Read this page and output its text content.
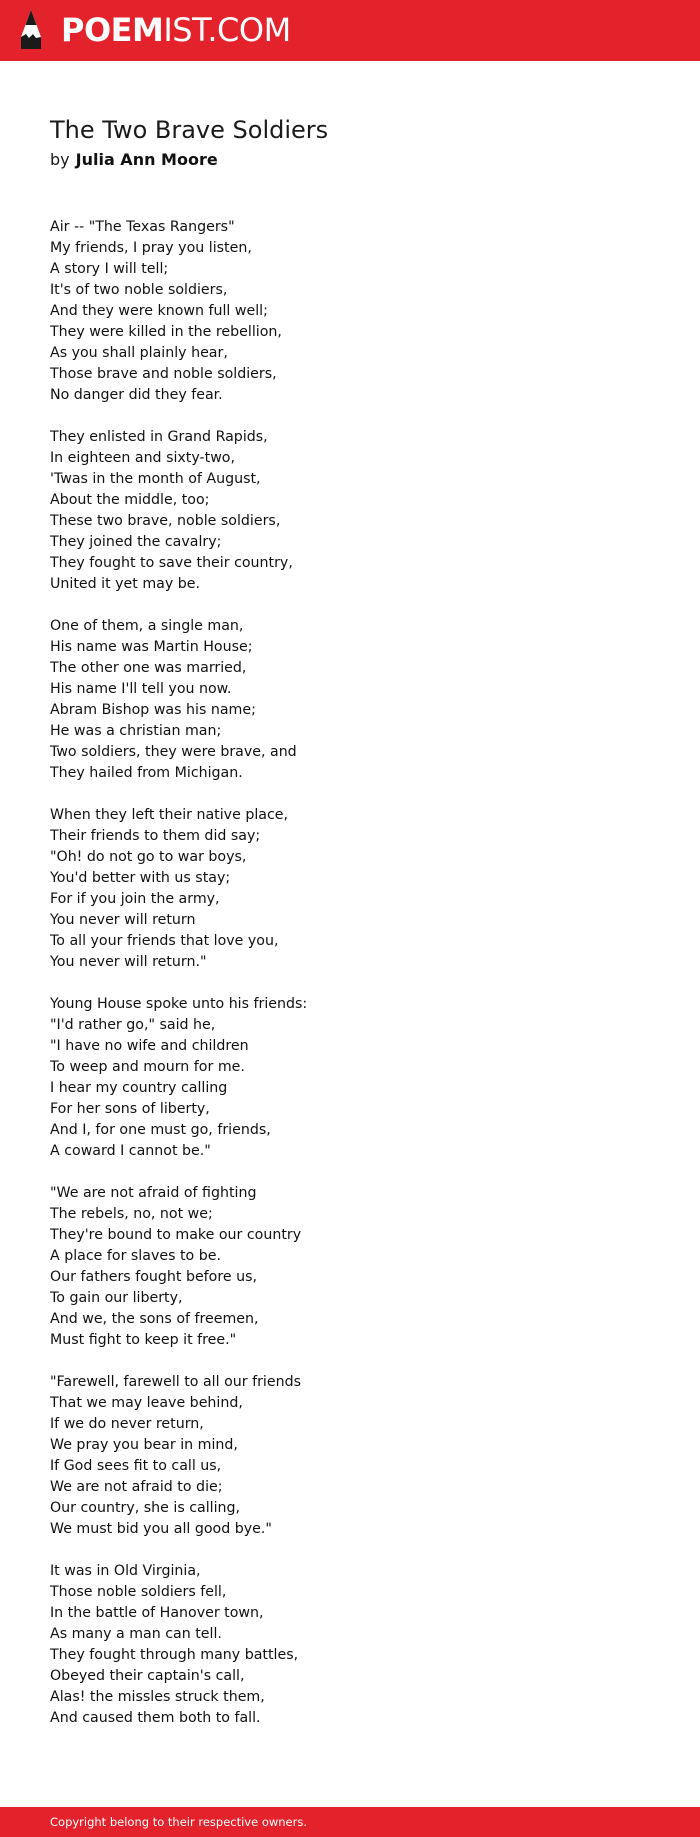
POEMIST.COM
The Two Brave Soldiers
by Julia Ann Moore
Air -- "The Texas Rangers"
My friends, I pray you listen,
A story I will tell;
It's of two noble soldiers,
And they were known full well;
They were killed in the rebellion,
As you shall plainly hear,
Those brave and noble soldiers,
No danger did they fear.
They enlisted in Grand Rapids,
In eighteen and sixty-two,
'Twas in the month of August,
About the middle, too;
These two brave, noble soldiers,
They joined the cavalry;
They fought to save their country,
United it yet may be.
One of them, a single man,
His name was Martin House;
The other one was married,
His name I'll tell you now.
Abram Bishop was his name;
He was a christian man;
Two soldiers, they were brave, and
They hailed from Michigan.
When they left their native place,
Their friends to them did say;
"Oh! do not go to war boys,
You'd better with us stay;
For if you join the army,
You never will return
To all your friends that love you,
You never will return."
Young House spoke unto his friends:
"I'd rather go," said he,
"I have no wife and children
To weep and mourn for me.
I hear my country calling
For her sons of liberty,
And I, for one must go, friends,
A coward I cannot be."
"We are not afraid of fighting
The rebels, no, not we;
They're bound to make our country
A place for slaves to be.
Our fathers fought before us,
To gain our liberty,
And we, the sons of freemen,
Must fight to keep it free."
"Farewell, farewell to all our friends
That we may leave behind,
If we do never return,
We pray you bear in mind,
If God sees fit to call us,
We are not afraid to die;
Our country, she is calling,
We must bid you all good bye."
It was in Old Virginia,
Those noble soldiers fell,
In the battle of Hanover town,
As many a man can tell.
They fought through many battles,
Obeyed their captain's call,
Alas! the missles struck them,
And caused them both to fall.
Copyright belong to their respective owners.
